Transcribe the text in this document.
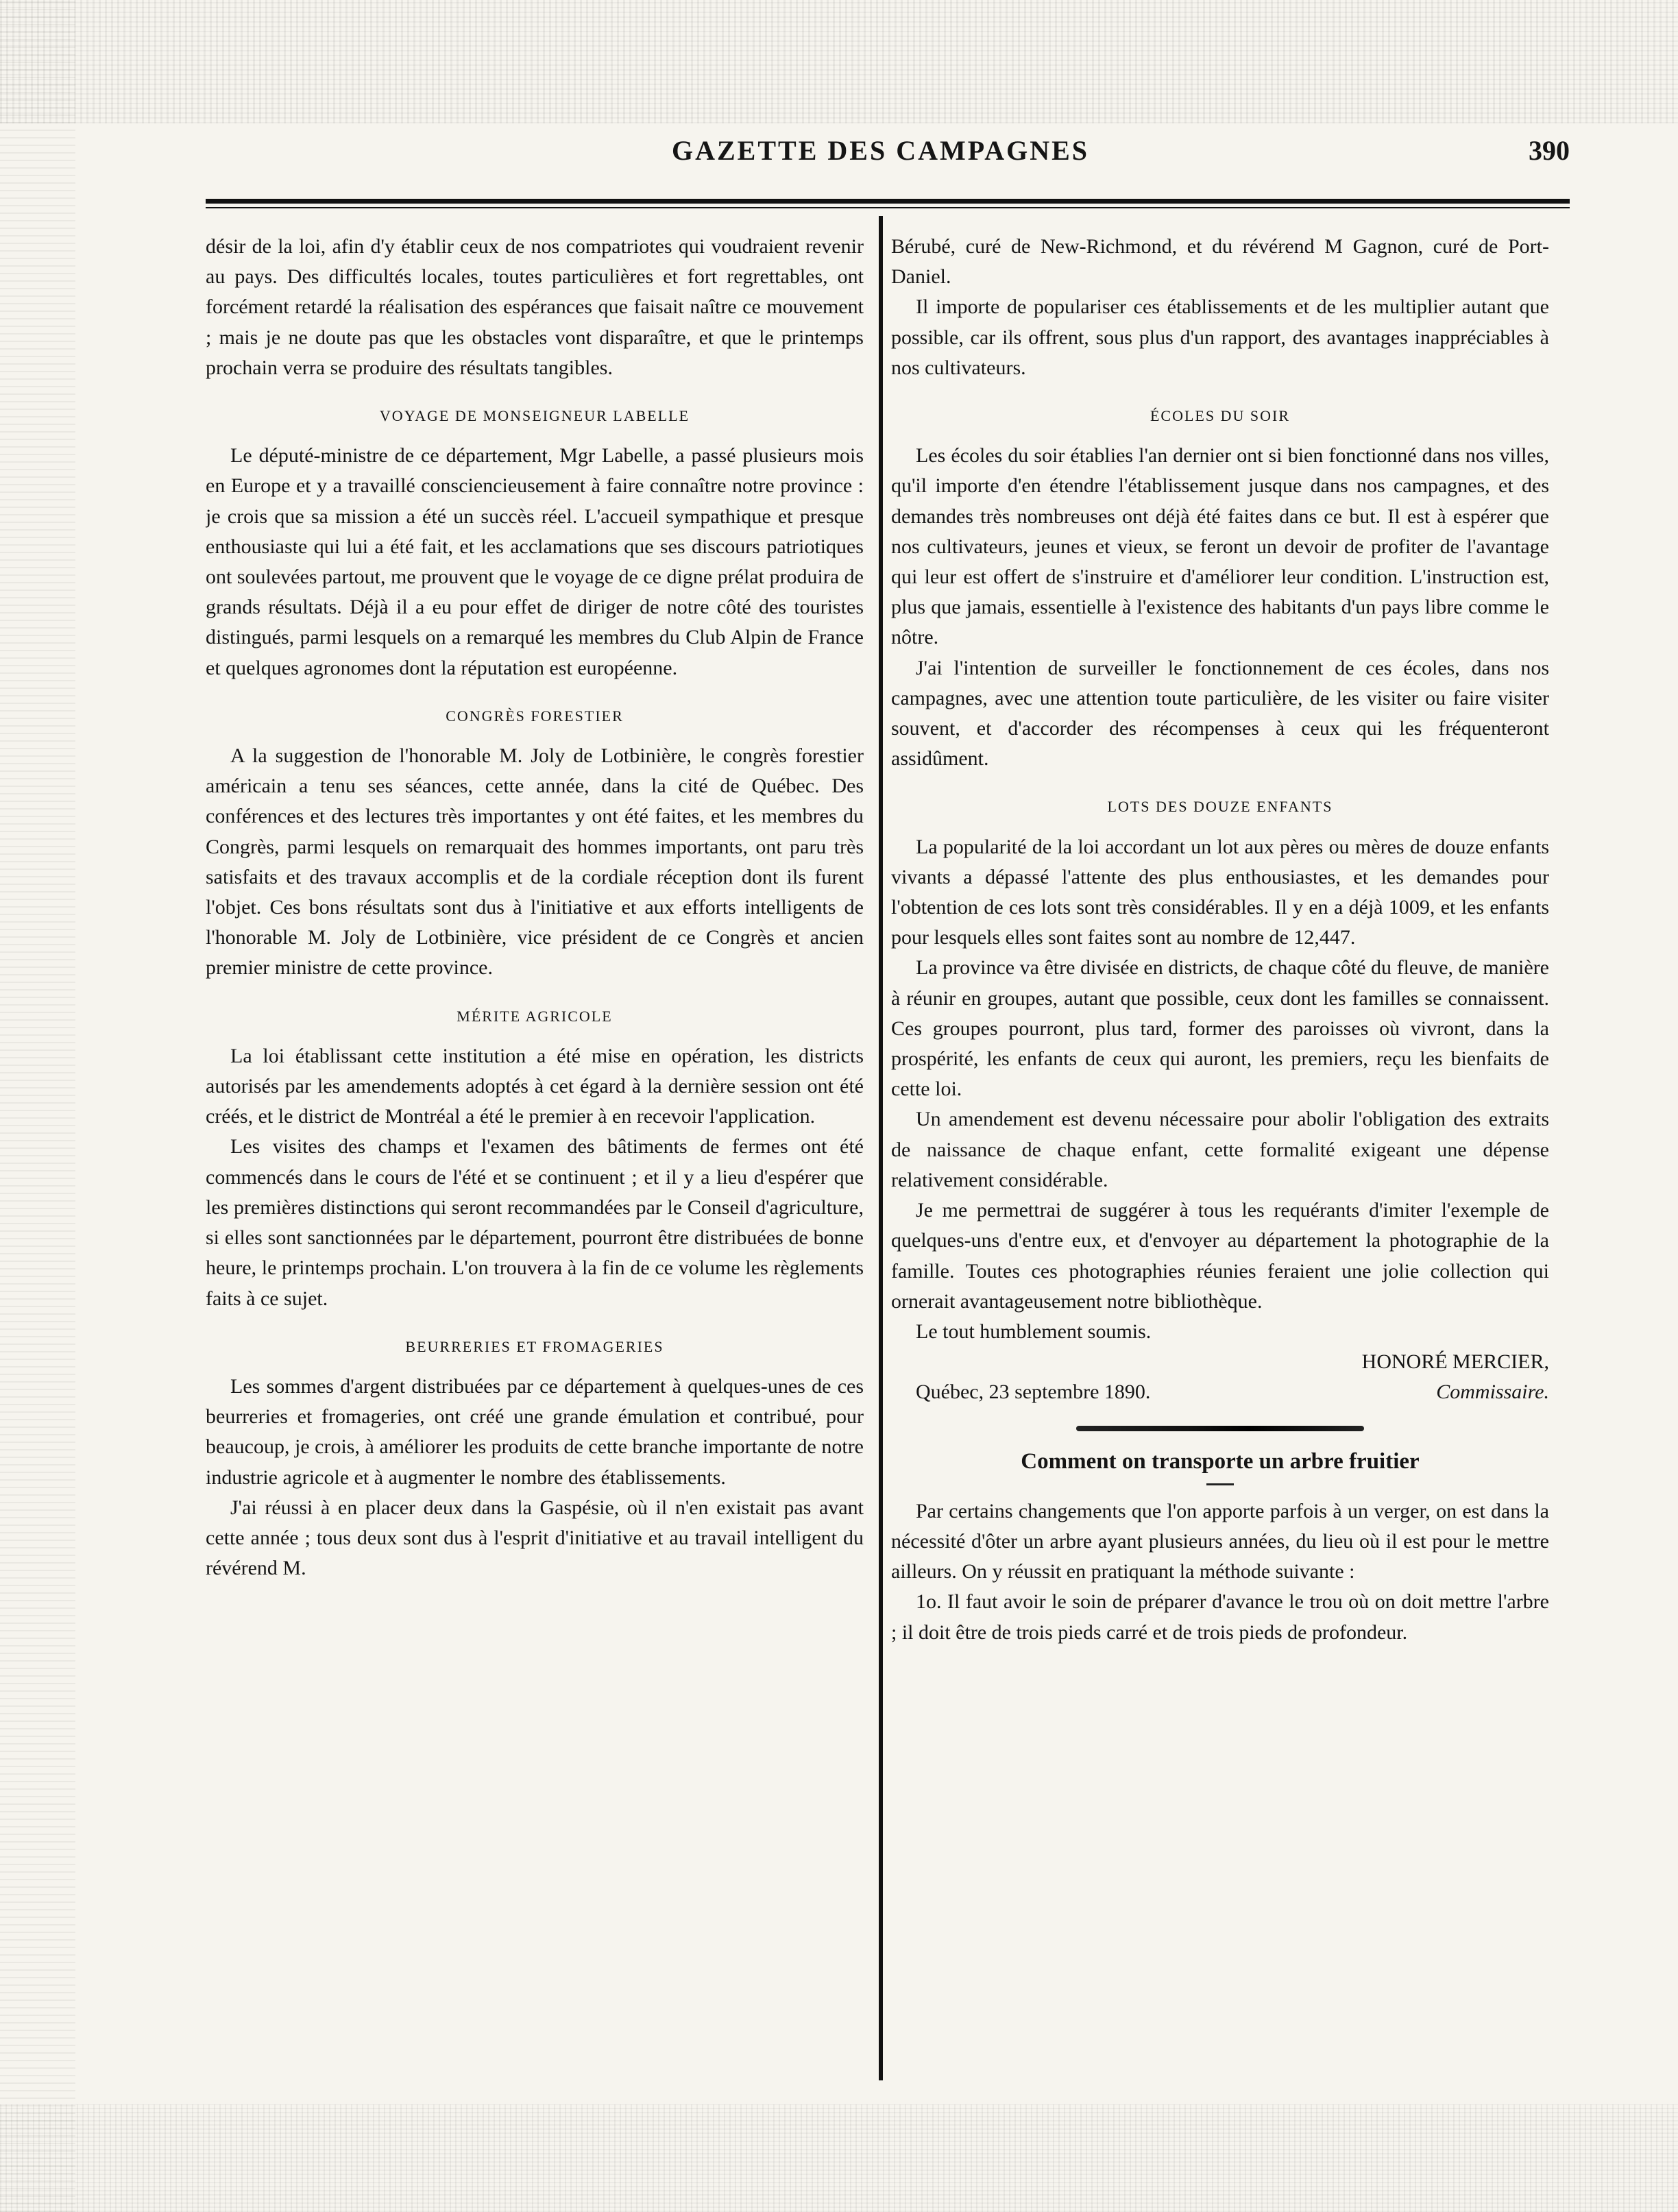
GAZETTE DES CAMPAGNES	390

désir de la loi, afin d'y établir ceux de nos compatriotes qui voudraient revenir au pays. Des difficultés locales, toutes particulières et fort regrettables, ont forcément retardé la réalisation des espérances que faisait naître ce mouvement ; mais je ne doute pas que les obstacles vont disparaître, et que le printemps prochain verra se produire des résultats tangibles.

VOYAGE DE MONSEIGNEUR LABELLE

Le député-ministre de ce département, Mgr Labelle, a passé plusieurs mois en Europe et y a travaillé consciencieusement à faire connaître notre province : je crois que sa mission a été un succès réel. L'accueil sympathique et presque enthousiaste qui lui a été fait, et les acclamations que ses discours patriotiques ont soulevées partout, me prouvent que le voyage de ce digne prélat produira de grands résultats. Déjà il a eu pour effet de diriger de notre côté des touristes distingués, parmi lesquels on a remarqué les membres du Club Alpin de France et quelques agronomes dont la réputation est européenne.

CONGRÈS FORESTIER

A la suggestion de l'honorable M. Joly de Lotbinière, le congrès forestier américain a tenu ses séances, cette année, dans la cité de Québec. Des conférences et des lectures très importantes y ont été faites, et les membres du Congrès, parmi lesquels on remarquait des hommes importants, ont paru très satisfaits et des travaux accomplis et de la cordiale réception dont ils furent l'objet. Ces bons résultats sont dus à l'initiative et aux efforts intelligents de l'honorable M. Joly de Lotbinière, vice président de ce Congrès et ancien premier ministre de cette province.

MÉRITE AGRICOLE

La loi établissant cette institution a été mise en opération, les districts autorisés par les amendements adoptés à cet égard à la dernière session ont été créés, et le district de Montréal a été le premier à en recevoir l'application.

Les visites des champs et l'examen des bâtiments de fermes ont été commencés dans le cours de l'été et se continuent ; et il y a lieu d'espérer que les premières distinctions qui seront recommandées par le Conseil d'agriculture, si elles sont sanctionnées par le département, pourront être distribuées de bonne heure, le printemps prochain. L'on trouvera à la fin de ce volume les règlements faits à ce sujet.

BEURRERIES ET FROMAGERIES

Les sommes d'argent distribuées par ce département à quelques-unes de ces beurreries et fromageries, ont créé une grande émulation et contribué, pour beaucoup, je crois, à améliorer les produits de cette branche importante de notre industrie agricole et à augmenter le nombre des établissements.

J'ai réussi à en placer deux dans la Gaspésie, où il n'en existait pas avant cette année ; tous deux sont dus à l'esprit d'initiative et au travail intelligent du révérend M.

Bérubé, curé de New-Richmond, et du révérend M Gagnon, curé de Port-Daniel.

Il importe de populariser ces établissements et de les multiplier autant que possible, car ils offrent, sous plus d'un rapport, des avantages inappréciables à nos cultivateurs.

ÉCOLES DU SOIR

Les écoles du soir établies l'an dernier ont si bien fonctionné dans nos villes, qu'il importe d'en étendre l'établissement jusque dans nos campagnes, et des demandes très nombreuses ont déjà été faites dans ce but. Il est à espérer que nos cultivateurs, jeunes et vieux, se feront un devoir de profiter de l'avantage qui leur est offert de s'instruire et d'améliorer leur condition. L'instruction est, plus que jamais, essentielle à l'existence des habitants d'un pays libre comme le nôtre.

J'ai l'intention de surveiller le fonctionnement de ces écoles, dans nos campagnes, avec une attention toute particulière, de les visiter ou faire visiter souvent, et d'accorder des récompenses à ceux qui les fréquenteront assidûment.

LOTS DES DOUZE ENFANTS

La popularité de la loi accordant un lot aux pères ou mères de douze enfants vivants a dépassé l'attente des plus enthousiastes, et les demandes pour l'obtention de ces lots sont très considérables. Il y en a déjà 1009, et les enfants pour lesquels elles sont faites sont au nombre de 12,447.

La province va être divisée en districts, de chaque côté du fleuve, de manière à réunir en groupes, autant que possible, ceux dont les familles se connaissent. Ces groupes pourront, plus tard, former des paroisses où vivront, dans la prospérité, les enfants de ceux qui auront, les premiers, reçu les bienfaits de cette loi.

Un amendement est devenu nécessaire pour abolir l'obligation des extraits de naissance de chaque enfant, cette formalité exigeant une dépense relativement considérable.

Je me permettrai de suggérer à tous les requérants d'imiter l'exemple de quelques-uns d'entre eux, et d'envoyer au département la photographie de la famille. Toutes ces photographies réunies feraient une jolie collection qui ornerait avantageusement notre bibliothèque.

Le tout humblement soumis.

HONORÉ MERCIER,
Québec, 23 septembre 1890.	Commissaire.
Comment on transporte un arbre fruitier

Par certains changements que l'on apporte parfois à un verger, on est dans la nécessité d'ôter un arbre ayant plusieurs années, du lieu où il est pour le mettre ailleurs. On y réussit en pratiquant la méthode suivante :

1o. Il faut avoir le soin de préparer d'avance le trou où on doit mettre l'arbre ; il doit être de trois pieds carré et de trois pieds de profondeur.
